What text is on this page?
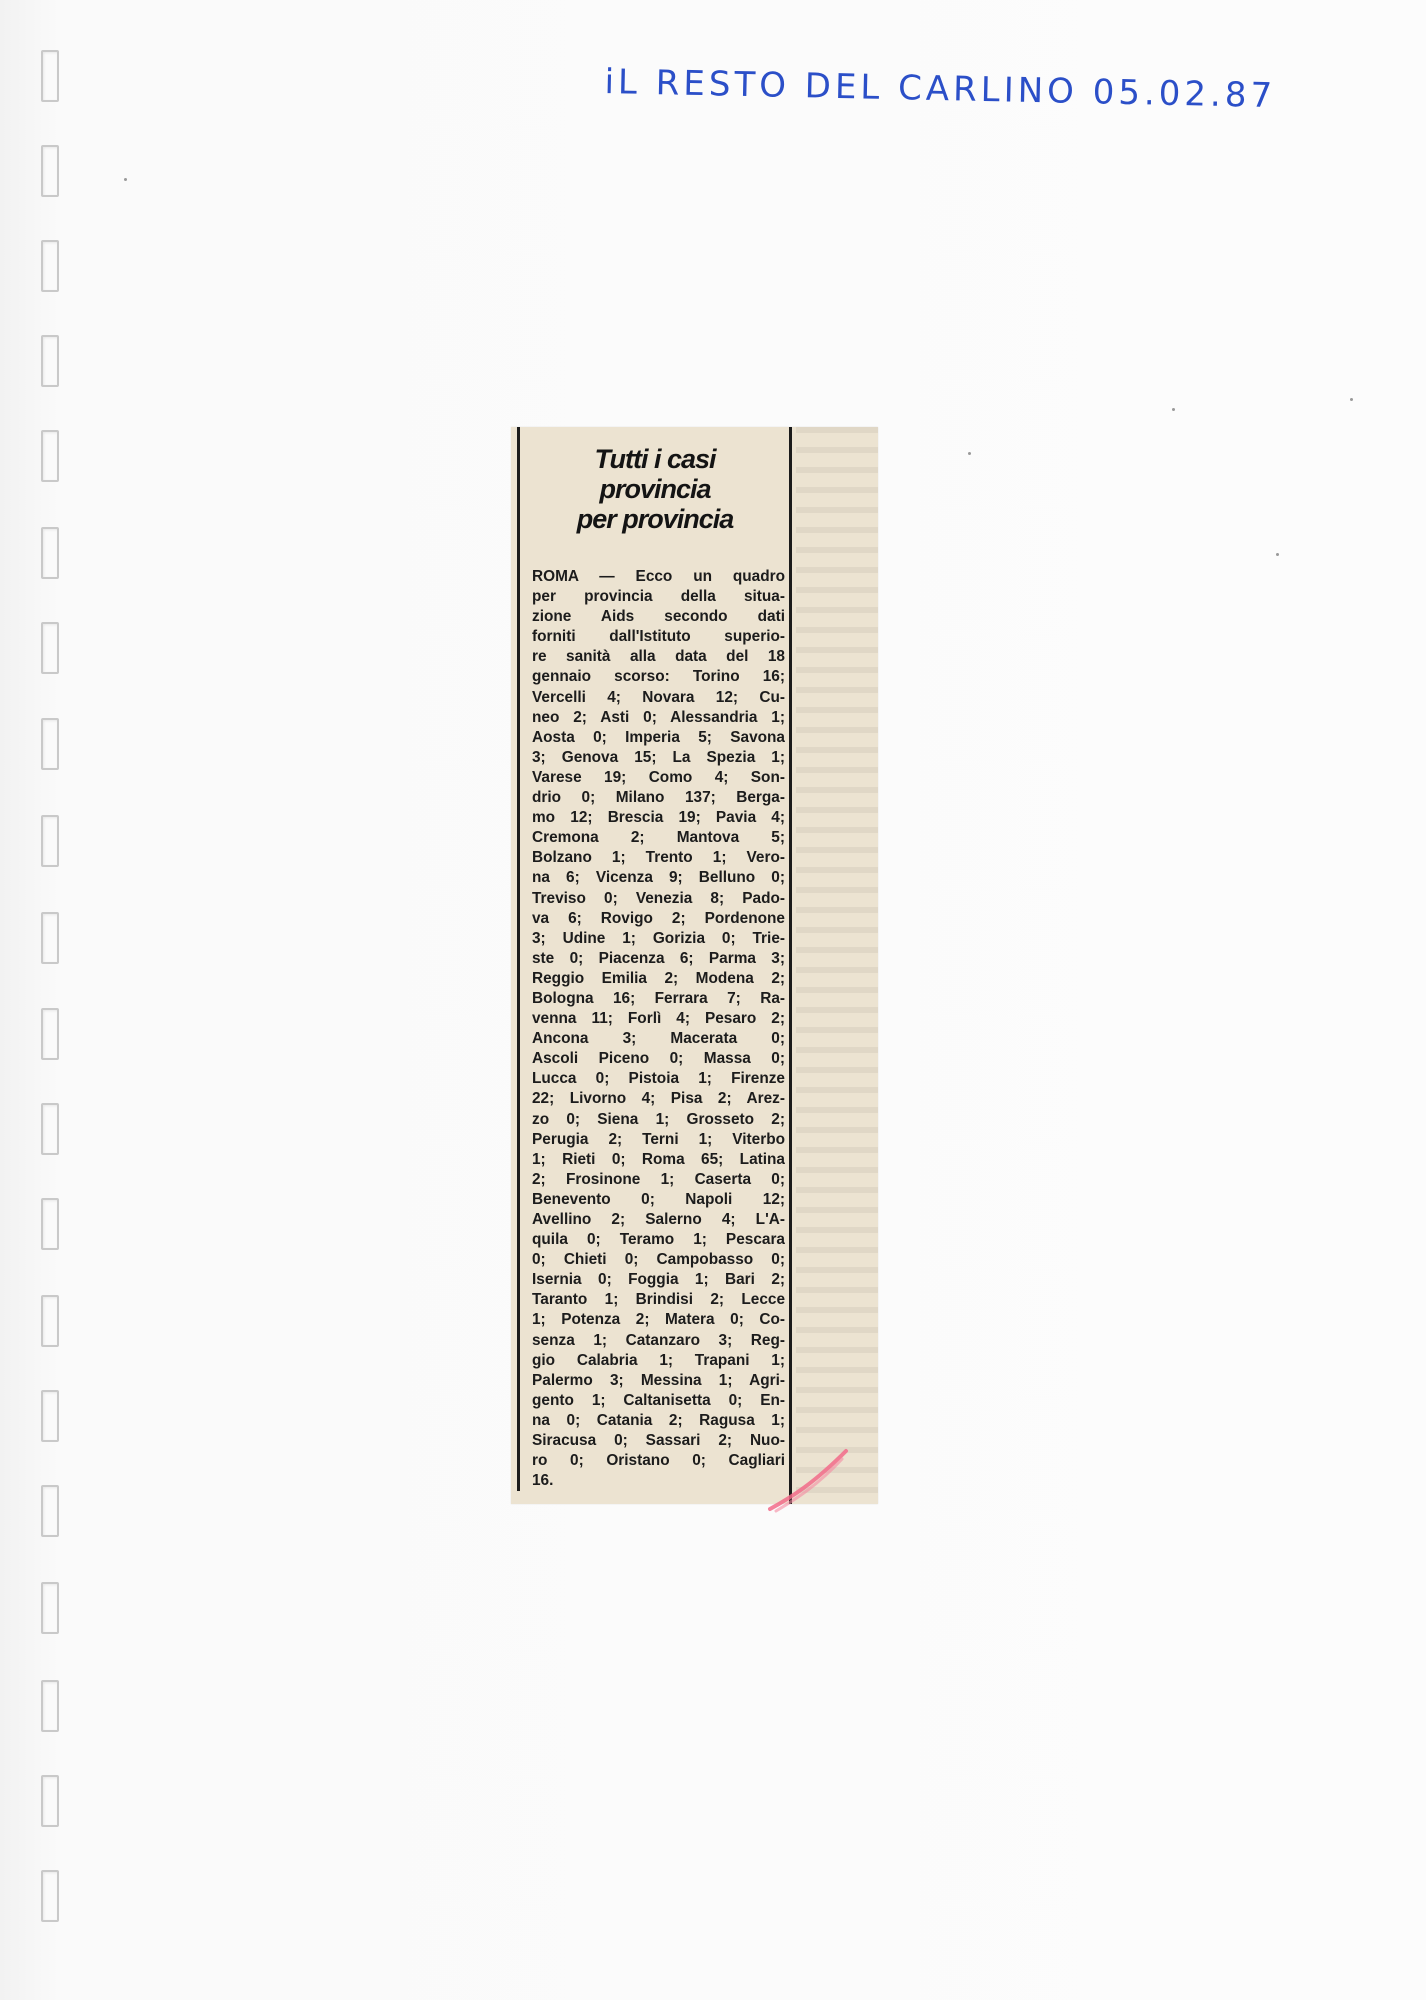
iL RESTO DEL CARLINO 05.02.87
Tutti i casi
provincia
per provincia
ROMA — Ecco un quadro
per provincia della situa-
zione Aids secondo dati
forniti dall'Istituto superio-
re sanità alla data del 18
gennaio scorso: Torino 16;
Vercelli 4; Novara 12; Cu-
neo 2; Asti 0; Alessandria 1;
Aosta 0; Imperia 5; Savona
3; Genova 15; La Spezia 1;
Varese 19; Como 4; Son-
drio 0; Milano 137; Berga-
mo 12; Brescia 19; Pavia 4;
Cremona 2; Mantova 5;
Bolzano 1; Trento 1; Vero-
na 6; Vicenza 9; Belluno 0;
Treviso 0; Venezia 8; Pado-
va 6; Rovigo 2; Pordenone
3; Udine 1; Gorizia 0; Trie-
ste 0; Piacenza 6; Parma 3;
Reggio Emilia 2; Modena 2;
Bologna 16; Ferrara 7; Ra-
venna 11; Forlì 4; Pesaro 2;
Ancona 3; Macerata 0;
Ascoli Piceno 0; Massa 0;
Lucca 0; Pistoia 1; Firenze
22; Livorno 4; Pisa 2; Arez-
zo 0; Siena 1; Grosseto 2;
Perugia 2; Terni 1; Viterbo
1; Rieti 0; Roma 65; Latina
2; Frosinone 1; Caserta 0;
Benevento 0; Napoli 12;
Avellino 2; Salerno 4; L'A-
quila 0; Teramo 1; Pescara
0; Chieti 0; Campobasso 0;
Isernia 0; Foggia 1; Bari 2;
Taranto 1; Brindisi 2; Lecce
1; Potenza 2; Matera 0; Co-
senza 1; Catanzaro 3; Reg-
gio Calabria 1; Trapani 1;
Palermo 3; Messina 1; Agri-
gento 1; Caltanisetta 0; En-
na 0; Catania 2; Ragusa 1;
Siracusa 0; Sassari 2; Nuo-
ro 0; Oristano 0; Cagliari
16.
